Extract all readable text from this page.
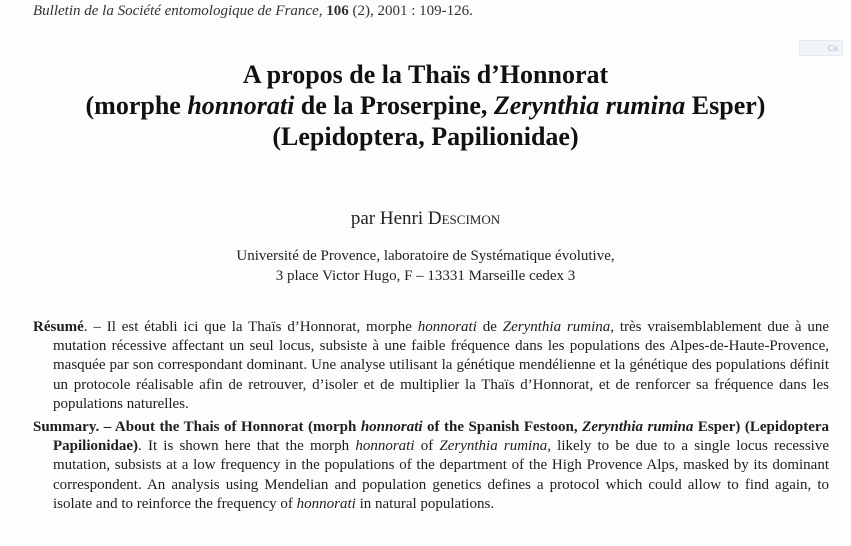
Bulletin de la Société entomologique de France, 106 (2), 2001 : 109-126.
Ca
A propos de la Thaïs d’Honnorat
(morphe honnorati de la Proserpine, Zerynthia rumina Esper)
(Lepidoptera, Papilionidae)
par Henri Descimon
Université de Provence, laboratoire de Systématique évolutive,
3 place Victor Hugo, F – 13331 Marseille cedex 3
Résumé. – Il est établi ici que la Thaïs d’Honnorat, morphe honnorati de Zerynthia rumina, très vraisemblablement due à une mutation récessive affectant un seul locus, subsiste à une faible fréquence dans les populations des Alpes-de-Haute-Provence, masquée par son correspondant dominant. Une analyse utilisant la génétique mendélienne et la génétique des populations définit un protocole réalisable afin de retrouver, d’isoler et de multiplier la Thaïs d’Honnorat, et de renforcer sa fréquence dans les populations naturelles.
Summary. – About the Thais of Honnorat (morph honnorati of the Spanish Festoon, Zerynthia rumina Esper) (Lepidoptera Papilionidae). It is shown here that the morph honnorati of Zerynthia rumina, likely to be due to a single locus recessive mutation, subsists at a low frequency in the populations of the department of the High Provence Alps, masked by its dominant correspondent. An analysis using Mendelian and population genetics defines a protocol which could allow to find again, to isolate and to reinforce the frequency of honnorati in natural populations.
